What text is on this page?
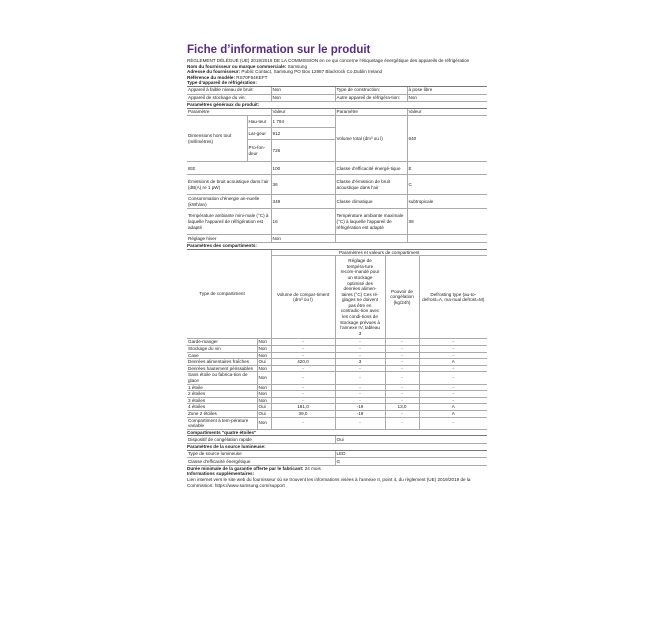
Fiche d’information sur le produit

RÈGLEMENT DÉLÉGUÉ (UE) 2019/2016 DE LA COMMISSION en ce qui concerne l’étiquetage énergétique des appareils de réfrigération

Nom du fournisseur ou marque commerciale: Samsung

Adresse du fournisseur: Public Contact, Samsung PO Box 12987 Blackrock Co,Dublin Ireland

Référence du modèle: RS70F64KEFT

Type d’appareil de réfrigération:

Appareil à faible niveau de bruit:	Non	Type de construction:	à pose libre
Appareil de stockage du vin:	Non	Autre appareil de réfrigéra-tion:	Non

Paramètres généraux du produit:

Paramètre		Valeur	Paramètre	Valeur
Dimensions hors tout (millimètres)	Hau-teur	1 794	Volume total (dm³ ou l)	640
	Lar-geur	912		
	Pro-fon-deur	726		
IEE		100	Classe d’efficacité énergé-tique	E
Émissions de bruit acoustique dans l’air (dB(A) re 1 pW)		36	Classe d’émission de bruit acoustique dans l’air	C
Consommation d’énergie an-nuelle (kWh/an)		349	Classe climatique	subtropicale
Température ambiante mini-male (°C) à laquelle l’appareil de réfrigération est adapté		16	Température ambiante maximale (°C) à laquelle l’appareil de réfrigération est adapté	38
Réglage hiver		Non		

Paramètres des compartiments:

Type de compartiment		Paramètres et valeurs de compartiment			
		Volume de compar-timent (dm³ ou l)	Réglage de tempéra-ture recom-mandé pour un stockage optimisé des denrées alimen-taires (°C) Ces ré-glages ne doivent pas être en contradic-tion avec les condi-tions de stockage prévues à l’annexe IV, tableau 3	Pouvoir de congélation (kg/24h)	Defrosting type (au-to-defrost=A, ma-nual defrost=M)
Garde-manger	Non	-	-	-	-
Stockage du vin	Non	-	-	-	-
Cave	Non	-	-	-	-
Denrées alimentaires fraîches	Oui	420,0	3	-	A
Denrées hautement périssables	Non	-	-	-	-
Sans étoile ou fabrica-tion de glace	Non	-	-	-	-
1 étoile	Non	-	-	-	-
2 étoiles	Non	-	-	-	-
3 étoiles	Non	-	-	-	-
4 étoiles	Oui	181,0	-19	13,0	A
Zone 2 étoiles	Oui	39,0	-19	-	A
Compartiment à tem-pérature variable	Non	-	-	-	-

Compartiments "quatre étoiles"

Dispositif de congélation rapide	Oui

Paramètres de la source lumineuse:

Type de source lumineuse	LED
Classe d’efficacité énergétique	G

Durée minimale de la garantie offerte par le fabricant: 24 mois

Informations supplémentaires:

Lien internet vers le site web du fournisseur où se trouvent les informations visées à l’annexe II, point 4, du règlement (UE) 2019/2019 de la Commission: https://www.samsung.com/support
